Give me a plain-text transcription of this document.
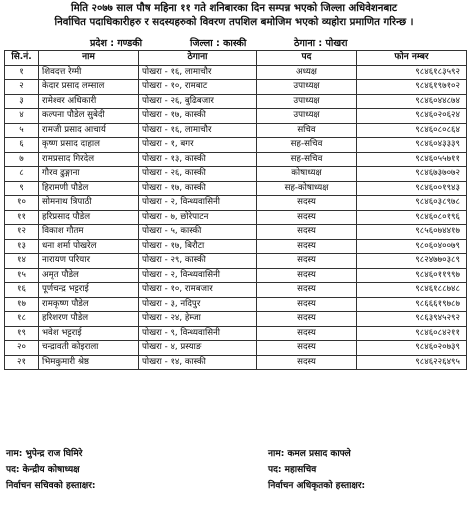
मिति २०७७ साल पौष महिना ११ गते शनिबारका दिन सम्पन्न भएको जिल्ला अधिवेशनबाट
निर्वाचित पदाधिकारीहरु र सदस्यहरुको विवरण तपशिल बमोजिम भएको व्यहोरा प्रमाणित गरिन्छ ।
प्रदेश : गण्डकी	जिल्ला : कास्की	ठेगाना : पोखरा
सि.नं.	नाम	ठेगाना	पद	फोन नम्बर
१	शिवदत्त रेग्मी	पोखरा - १६, लामाचौर	अध्यक्ष	९८४६१८३५९२
२	केदार प्रसाद लम्साल	पोखरा - १०, रामबाट	उपाध्यक्ष	९८४६१९७१०२
३	रामेश्वर अधिकारी	पोखरा - २६, बुढिबजार	उपाध्यक्ष	९८४६०४४८७४
४	कल्पना पौडेल सुबेदी	पोखरा - १७, कास्की	उपाध्यक्ष	९८४६०२०६२४
५	रामजी प्रसाद आचार्य	पोखरा - १६, लामाचौर	सचिव	९८४६०८०८६४
६	कृष्ण प्रसाद दाहाल	पोखरा - १, बगर	सह-सचिव	९८४६०४३३३९
७	रामप्रसाद गिरदेल	पोखरा - १३, कास्की	सह-सचिव	९८४६०५५७११
८	गौरव ढुङ्गाना	पोखरा - २६, कास्की	कोषाध्यक्ष	९८४६७३७०७२
९	हिरामणी पौडेल	पोखरा - १७, कास्की	सह-कोषाध्यक्ष	९८४६००१९४३
१०	सोमनाथ त्रिपाठी	पोखरा - २, विन्ध्यवासिनी	सदस्य	९८४६०३८९७८
११	हरिप्रसाद पौडेल	पोखरा - ७, छोरेपाटन	सदस्य	९८४६०८०१९६
१२	विकाश गौतम	पोखरा - ५, कास्की	सदस्य	९८५६०७४४१७
१३	धना शर्मा पोखरेल	पोखरा - १७, बिरौटा	सदस्य	९८०६०४००७९
१४	नारायण परियार	पोखरा - २९, कास्की	सदस्य	९८२४७७०३८९
१५	अमृत पौडेल	पोखरा - २, विन्ध्यवासिनी	सदस्य	९८४६०११९९७
१६	पूर्णचन्द्र भट्टराई	पोखरा - १०, रामबजार	सदस्य	९८४६१८८७४८
१७	रामकृष्ण पौडेल	पोखरा - ३, नदिपुर	सदस्य	९८६६६१९७८७
१८	हरिशरण पौडेल	पोखरा - २४, हेम्जा	सदस्य	९८६३९४५२९२
१९	भवेश भट्टराई	पोखरा - ९, विन्ध्यवासिनी	सदस्य	९८४६०८४२११
२०	चन्द्रावती कोइराला	पोखरा - ४, प्रस्याङ	सदस्य	९८४६०२०७३९
२१	भिमकुमारी श्रेष्ठ	पोखरा - १४, कास्की	सदस्य	९८४६२२६४९५
नाम: भुपेन्द्र राज घिमिरे
पद: केन्द्रीय कोषाध्यक्ष
निर्वाचन सचिवको हस्ताक्षर:
नाम: कमल प्रसाद काफ्ले
पद: महासचिव
निर्वाचन अधिकृतको हस्ताक्षर:
